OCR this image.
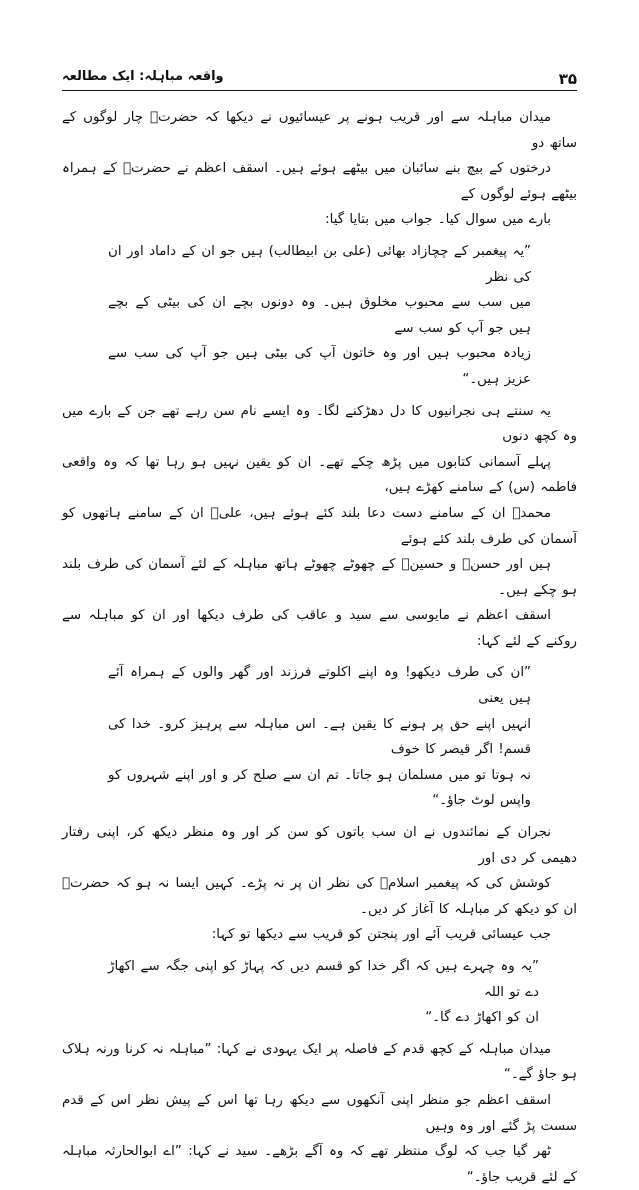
۳۵
واقعہ مباہلہ: ایک مطالعہ

میدان مباہلہ سے اور قریب ہونے پر عیسائیوں نے دیکھا کہ حضرتؐ چار لوگوں کے ساتھ دو
درختوں کے بیچ بنے سائبان میں بیٹھے ہوئے ہیں۔ اسقف اعظم نے حضرتؐ کے ہمراہ بیٹھے ہوئے لوگوں کے
بارے میں سوال کیا۔ جواب میں بتایا گیا:

”یہ پیغمبر کے چچازاد بھائی (علی بن ابیطالب) ہیں جو ان کے داماد اور ان کی نظر
میں سب سے محبوب مخلوق ہیں۔ وہ دونوں بچے ان کی بیٹی کے بچے ہیں جو آپ کو سب سے
زیادہ محبوب ہیں اور وہ خاتون آپ کی بیٹی ہیں جو آپ کی سب سے عزیز ہیں۔“

یہ سنتے ہی نجرانیوں کا دل دھڑکنے لگا۔ وہ ایسے نام سن رہے تھے جن کے بارے میں وہ کچھ دنوں
پہلے آسمانی کتابوں میں پڑھ چکے تھے۔ ان کو یقین نہیں ہو رہا تھا کہ وہ واقعی فاطمہ (س) کے سامنے کھڑے ہیں،
محمدؐ ان کے سامنے دست دعا بلند کئے ہوئے ہیں، علیؑ ان کے سامنے ہاتھوں کو آسمان کی طرف بلند کئے ہوئے
ہیں اور حسنؑ و حسینؑ کے چھوٹے چھوٹے ہاتھ مباہلہ کے لئے آسمان کی طرف بلند ہو چکے ہیں۔
اسقف اعظم نے مایوسی سے سید و عاقب کی طرف دیکھا اور ان کو مباہلہ سے روکنے کے لئے کہا:

”ان کی طرف دیکھو! وہ اپنے اکلوتے فرزند اور گھر والوں کے ہمراہ آئے ہیں یعنی
انہیں اپنے حق پر ہونے کا یقین ہے۔ اس مباہلہ سے پرہیز کرو۔ خدا کی قسم! اگر قیصر کا خوف
نہ ہوتا تو میں مسلمان ہو جاتا۔ تم ان سے صلح کر و اور اپنے شہروں کو واپس لوٹ جاؤ۔“

نجران کے نمائندوں نے ان سب باتوں کو سن کر اور وہ منظر دیکھ کر، اپنی رفتار دھیمی کر دی اور
کوشش کی کہ پیغمبر اسلامؐ کی نظر ان پر نہ پڑے۔ کہیں ایسا نہ ہو کہ حضرتؐ ان کو دیکھ کر مباہلہ کا آغاز کر دیں۔
جب عیسائی قریب آئے اور پنجتن کو قریب سے دیکھا تو کہا:

”یہ وہ چہرے ہیں کہ اگر خدا کو قسم دیں کہ پہاڑ کو اپنی جگہ سے اکھاڑ دے تو اللہ
ان کو اکھاڑ دے گا۔“

میدان مباہلہ کے کچھ قدم کے فاصلہ پر ایک یہودی نے کہا: ”مباہلہ نہ کرنا ورنہ ہلاک ہو جاؤ گے۔“
اسقف اعظم جو منظر اپنی آنکھوں سے دیکھ رہا تھا اس کے پیش نظر اس کے قدم سست پڑ گئے اور وہ وہیں
ٹھر گیا جب کہ لوگ منتظر تھے کہ وہ آگے بڑھے۔ سید نے کہا: ”اے ابوالحارثہ مباہلہ کے لئے قریب جاؤ۔“
